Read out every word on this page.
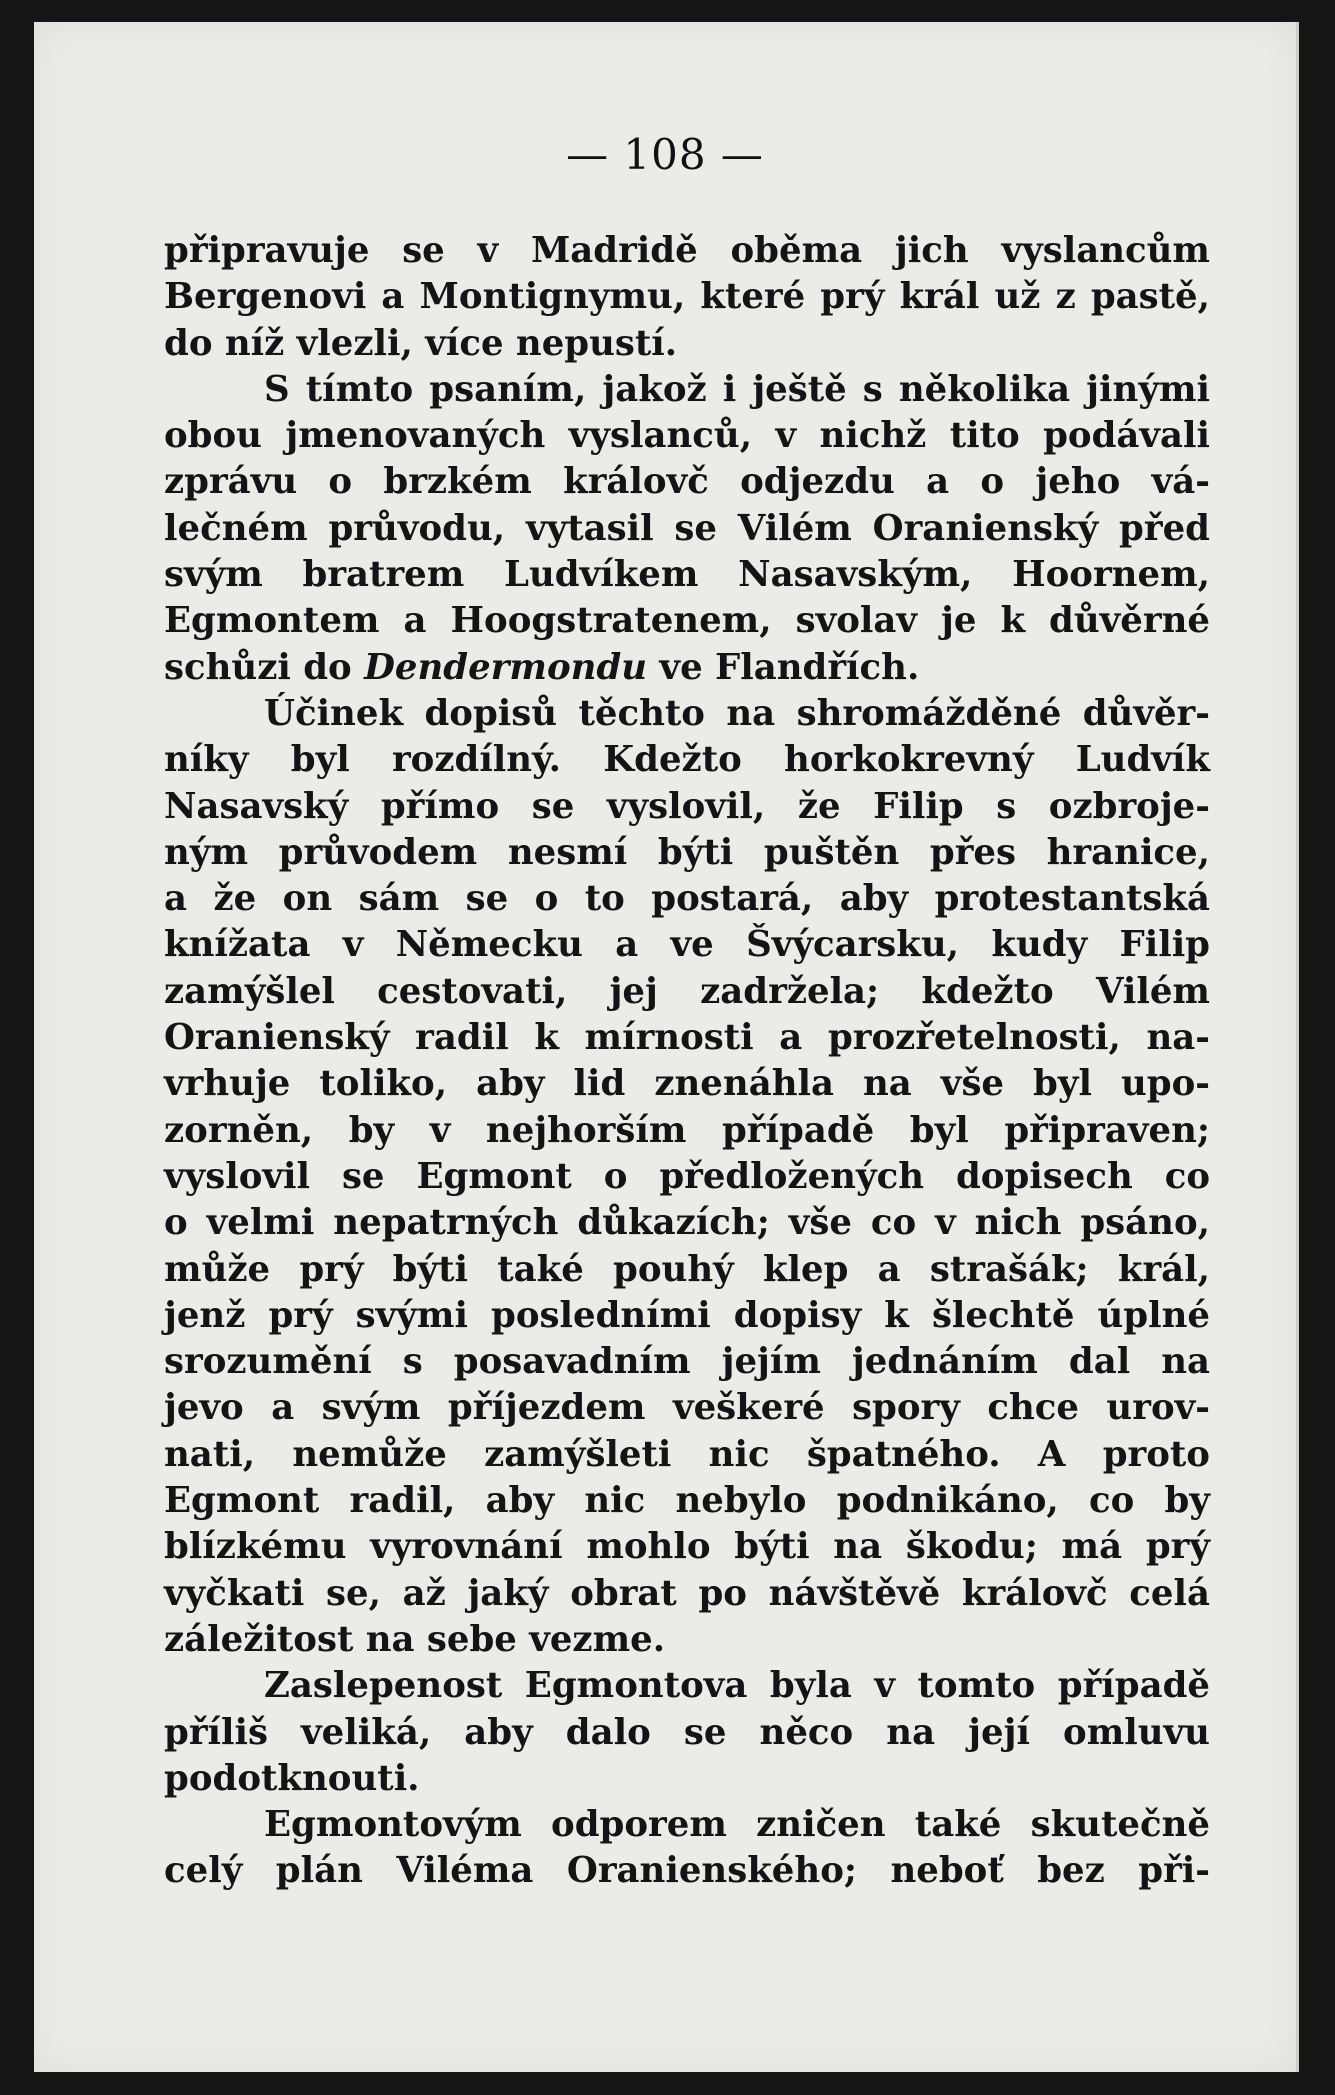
— 108 —
připravuje se v Madridě oběma jich vyslancům
Bergenovi a Montignymu, které prý král už z pastě,
do níž vlezli, více nepustí.
S tímto psaním, jakož i ještě s několika jinými
obou jmenovaných vyslanců, v nichž tito podávali
zprávu o brzkém královč odjezdu a o jeho vá-
lečném průvodu, vytasil se Vilém Oranienský před
svým bratrem Ludvíkem Nasavským, Hoornem,
Egmontem a Hoogstratenem, svolav je k důvěrné
schůzi do Dendermondu ve Flandřích.
Účinek dopisů těchto na shromážděné důvěr-
níky byl rozdílný. Kdežto horkokrevný Ludvík
Nasavský přímo se vyslovil, že Filip s ozbroje-
ným průvodem nesmí býti puštěn přes hranice,
a že on sám se o to postará, aby protestantská
knížata v Německu a ve Švýcarsku, kudy Filip
zamýšlel cestovati, jej zadržela; kdežto Vilém
Oranienský radil k mírnosti a prozřetelnosti, na-
vrhuje toliko, aby lid znenáhla na vše byl upo-
zorněn, by v nejhorším případě byl připraven;
vyslovil se Egmont o předložených dopisech co
o velmi nepatrných důkazích; vše co v nich psáno,
může prý býti také pouhý klep a strašák; král,
jenž prý svými posledními dopisy k šlechtě úplné
srozumění s posavadním jejím jednáním dal na
jevo a svým příjezdem veškeré spory chce urov-
nati, nemůže zamýšleti nic špatného. A proto
Egmont radil, aby nic nebylo podnikáno, co by
blízkému vyrovnání mohlo býti na škodu; má prý
vyčkati se, až jaký obrat po návštěvě královč celá
záležitost na sebe vezme.
Zaslepenost Egmontova byla v tomto případě
příliš veliká, aby dalo se něco na její omluvu
podotknouti.
Egmontovým odporem zničen také skutečně
celý plán Viléma Oranienského; neboť bez při-
